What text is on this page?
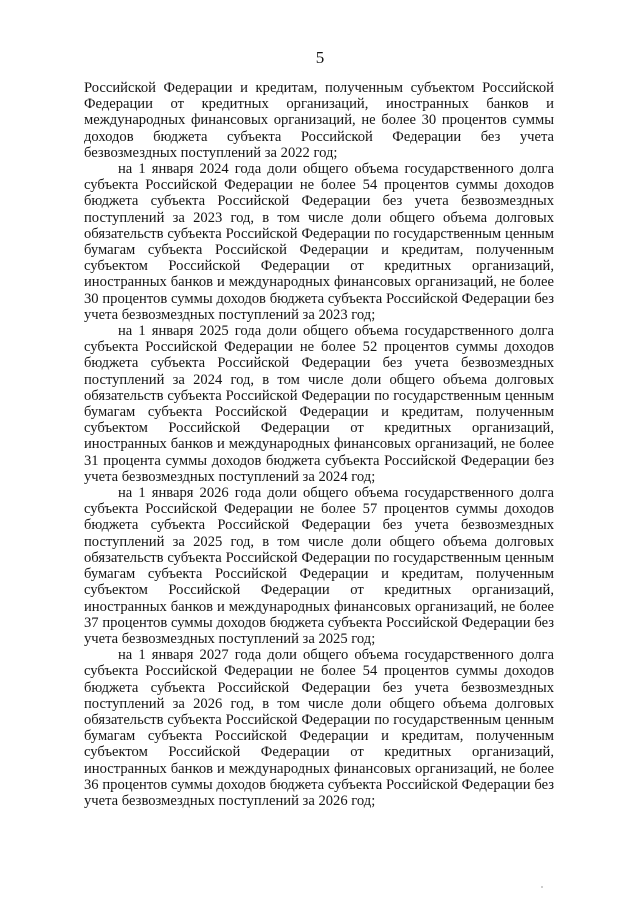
5

Российской Федерации и кредитам, полученным субъектом Российской Федерации от кредитных организаций, иностранных банков и международных финансовых организаций, не более 30 процентов суммы доходов бюджета субъекта Российской Федерации без учета безвозмездных поступлений за 2022 год;

на 1 января 2024 года доли общего объема государственного долга субъекта Российской Федерации не более 54 процентов суммы доходов бюджета субъекта Российской Федерации без учета безвозмездных поступлений за 2023 год, в том числе доли общего объема долговых обязательств субъекта Российской Федерации по государственным ценным бумагам субъекта Российской Федерации и кредитам, полученным субъектом Российской Федерации от кредитных организаций, иностранных банков и международных финансовых организаций, не более 30 процентов суммы доходов бюджета субъекта Российской Федерации без учета безвозмездных поступлений за 2023 год;

на 1 января 2025 года доли общего объема государственного долга субъекта Российской Федерации не более 52 процентов суммы доходов бюджета субъекта Российской Федерации без учета безвозмездных поступлений за 2024 год, в том числе доли общего объема долговых обязательств субъекта Российской Федерации по государственным ценным бумагам субъекта Российской Федерации и кредитам, полученным субъектом Российской Федерации от кредитных организаций, иностранных банков и международных финансовых организаций, не более 31 процента суммы доходов бюджета субъекта Российской Федерации без учета безвозмездных поступлений за 2024 год;

на 1 января 2026 года доли общего объема государственного долга субъекта Российской Федерации не более 57 процентов суммы доходов бюджета субъекта Российской Федерации без учета безвозмездных поступлений за 2025 год, в том числе доли общего объема долговых обязательств субъекта Российской Федерации по государственным ценным бумагам субъекта Российской Федерации и кредитам, полученным субъектом Российской Федерации от кредитных организаций, иностранных банков и международных финансовых организаций, не более 37 процентов суммы доходов бюджета субъекта Российской Федерации без учета безвозмездных поступлений за 2025 год;

на 1 января 2027 года доли общего объема государственного долга субъекта Российской Федерации не более 54 процентов суммы доходов бюджета субъекта Российской Федерации без учета безвозмездных поступлений за 2026 год, в том числе доли общего объема долговых обязательств субъекта Российской Федерации по государственным ценным бумагам субъекта Российской Федерации и кредитам, полученным субъектом Российской Федерации от кредитных организаций, иностранных банков и международных финансовых организаций, не более 36 процентов суммы доходов бюджета субъекта Российской Федерации без учета безвозмездных поступлений за 2026 год;
